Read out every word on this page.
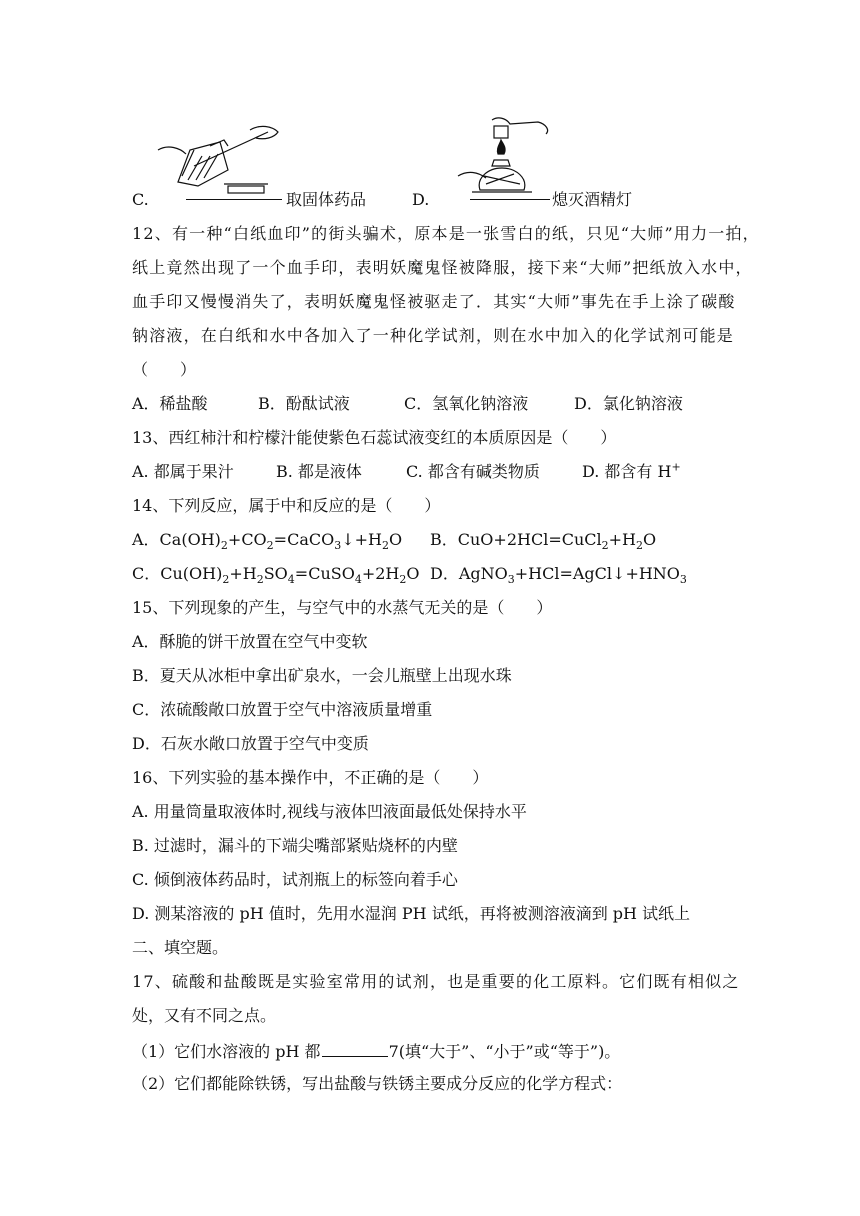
C.	取固体药品	D.	熄灭酒精灯
12、有一种“白纸血印”的街头骗术，原本是一张雪白的纸，只见“大师”用力一拍，
纸上竟然出现了一个血手印，表明妖魔鬼怪被降服，接下来“大师”把纸放入水中，
血手印又慢慢消失了，表明妖魔鬼怪被驱走了．其实“大师”事先在手上涂了碳酸
钠溶液，在白纸和水中各加入了一种化学试剂，则在水中加入的化学试剂可能是
（　　）
A．稀盐酸	B．酚酞试液	C．氢氧化钠溶液	D．氯化钠溶液
13、西红柿汁和柠檬汁能使紫色石蕊试液变红的本质原因是（　　）
A. 都属于果汁	B. 都是液体	C. 都含有碱类物质	D. 都含有 H+
14、下列反应，属于中和反应的是（　　）
A．$Ca(OH)_2+CO_2=CaCO_3↓+H_2O$ B．$CuO+2HCl=CuCl_2+H_2O$
C．$Cu(OH)_2+H_2SO_4=CuSO_4+2H_2O$ D．$AgNO_3+HCl=AgCl↓+HNO_3$
15、下列现象的产生，与空气中的水蒸气无关的是（　　）
A．酥脆的饼干放置在空气中变软
B．夏天从冰柜中拿出矿泉水，一会儿瓶壁上出现水珠
C．浓硫酸敞口放置于空气中溶液质量增重
D．石灰水敞口放置于空气中变质
16、下列实验的基本操作中，不正确的是（　　）
A. 用量筒量取液体时,视线与液体凹液面最低处保持水平
B. 过滤时，漏斗的下端尖嘴部紧贴烧杯的内壁
C. 倾倒液体药品时，试剂瓶上的标签向着手心
D. 测某溶液的 pH 值时，先用水湿润 PH 试纸，再将被测溶液滴到 pH 试纸上
二、填空题。
17、硫酸和盐酸既是实验室常用的试剂，也是重要的化工原料。它们既有相似之
处，又有不同之点。
（1）它们水溶液的 pH 都	7(填“大于”、“小于”或“等于”)。
（2）它们都能除铁锈，写出盐酸与铁锈主要成分反应的化学方程式：
